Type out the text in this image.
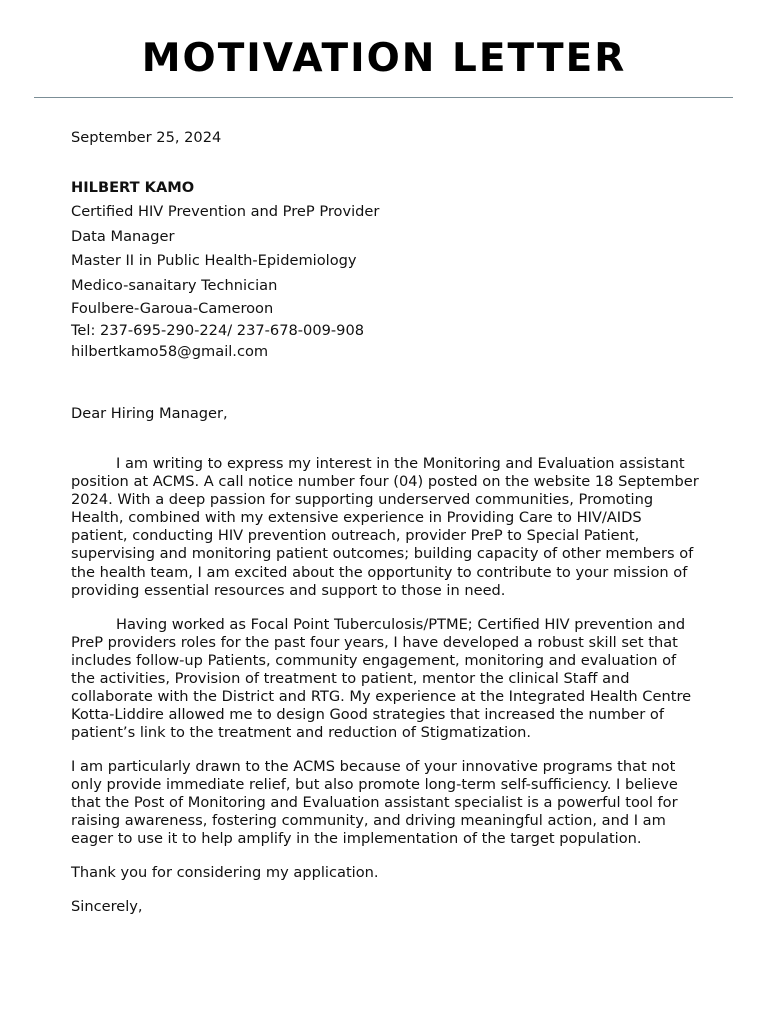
MOTIVATION LETTER
September 25, 2024
HILBERT KAMO
Certified HIV Prevention and PreP Provider
Data Manager
Master II in Public Health-Epidemiology
Medico-sanaitary Technician
Foulbere-Garoua-Cameroon
Tel: 237-695-290-224/ 237-678-009-908
hilbertkamo58@gmail.com
Dear Hiring Manager,

I am writing to express my interest in the Monitoring and Evaluation assistant position at ACMS. A call notice number four (04) posted on the website 18 September 2024. With a deep passion for supporting underserved communities, Promoting Health, combined with my extensive experience in Providing Care to HIV/AIDS patient, conducting HIV prevention outreach, provider PreP to Special Patient, supervising and monitoring patient outcomes; building capacity of other members of the health team, I am excited about the opportunity to contribute to your mission of providing essential resources and support to those in need.

Having worked as Focal Point Tuberculosis/PTME; Certified HIV prevention and PreP providers roles for the past four years, I have developed a robust skill set that includes follow-up Patients, community engagement, monitoring and evaluation of the activities, Provision of treatment to patient, mentor the clinical Staff and collaborate with the District and RTG. My experience at the Integrated Health Centre Kotta-Liddire allowed me to design Good strategies that increased the number of patient’s link to the treatment and reduction of Stigmatization.

I am particularly drawn to the ACMS because of your innovative programs that not only provide immediate relief, but also promote long-term self-sufficiency. I believe that the Post of Monitoring and Evaluation assistant specialist is a powerful tool for raising awareness, fostering community, and driving meaningful action, and I am eager to use it to help amplify in the implementation of the target population.

Thank you for considering my application.

Sincerely,
